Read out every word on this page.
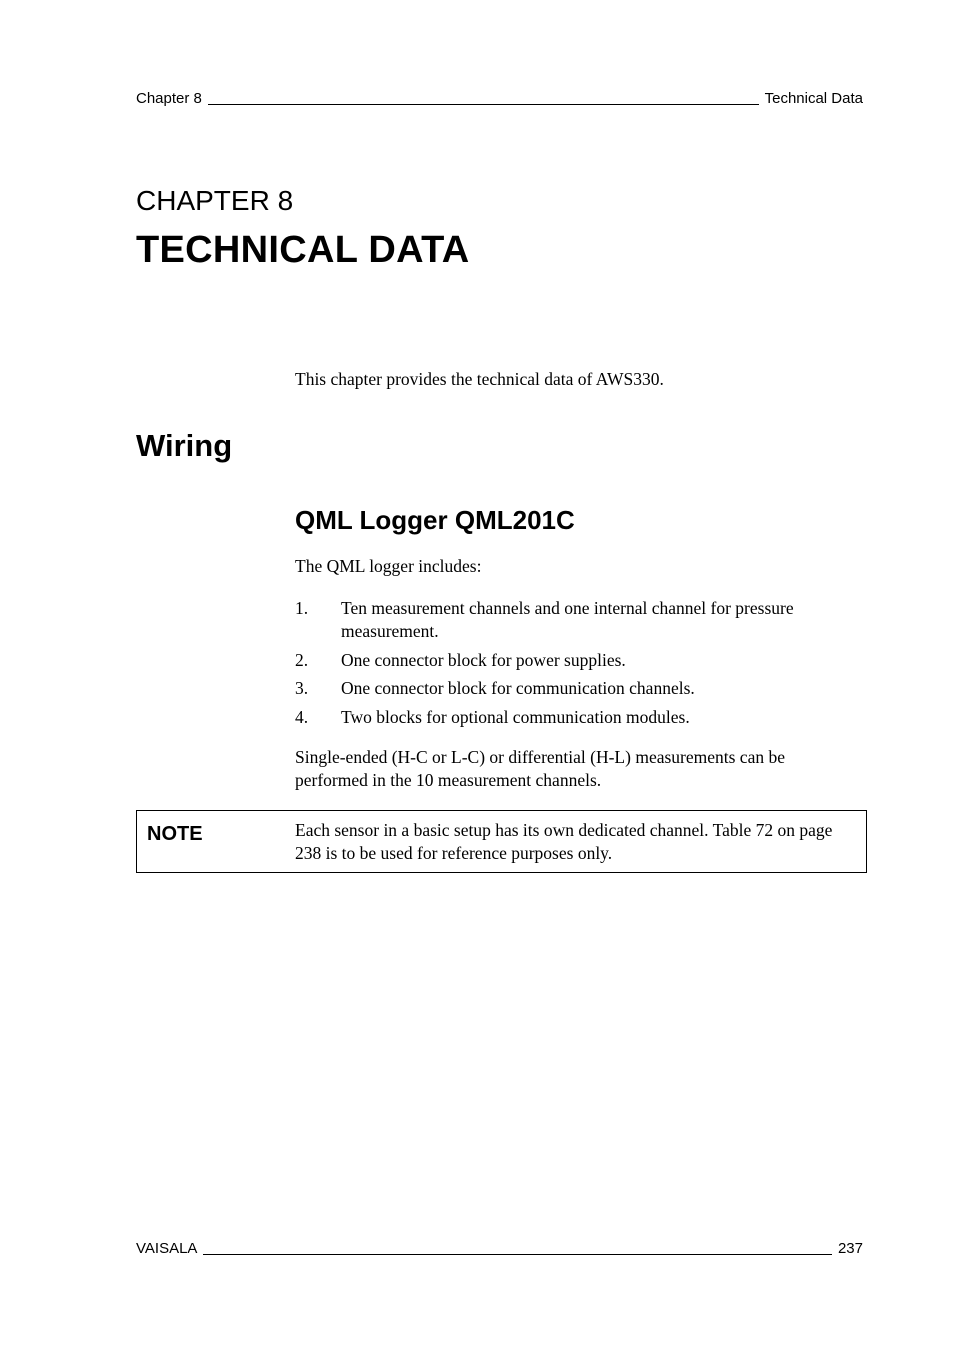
Chapter 8	Technical Data
CHAPTER 8
TECHNICAL DATA
This chapter provides the technical data of AWS330.
Wiring
QML Logger QML201C
The QML logger includes:
1.	Ten measurement channels and one internal channel for pressure measurement.
2.	One connector block for power supplies.
3.	One connector block for communication channels.
4.	Two blocks for optional communication modules.
Single-ended (H-C or L-C) or differential (H-L) measurements can be performed in the 10 measurement channels.
NOTE	Each sensor in a basic setup has its own dedicated channel. Table 72 on page 238 is to be used for reference purposes only.
VAISALA	237
